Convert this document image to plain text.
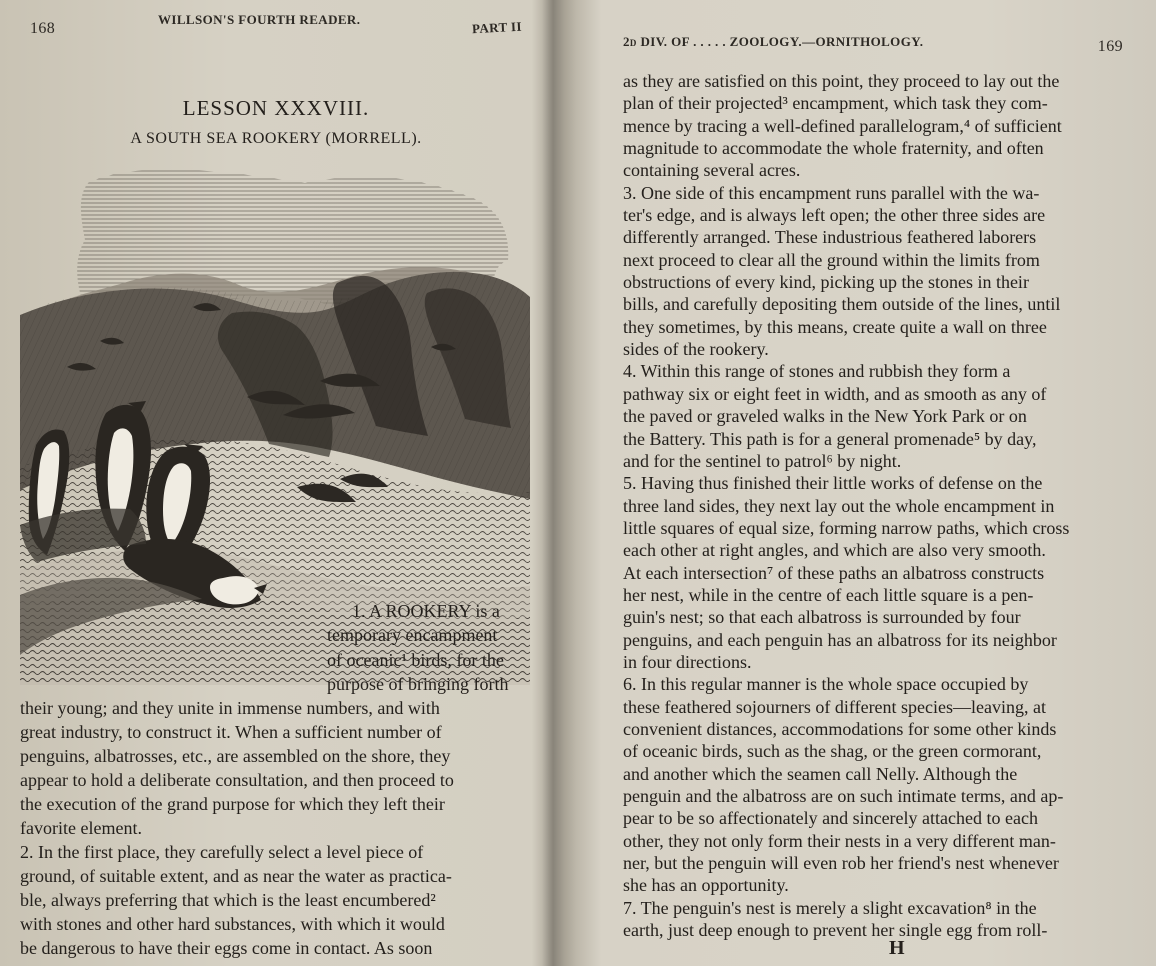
168
WILLSON'S FOURTH READER.	PART II
LESSON XXXVIII.
A SOUTH SEA ROOKERY (MORRELL).

1. A ROOKERY is a

temporary encampment

of oceanic¹ birds, for the

purpose of bringing forth

their young; and they unite in immense numbers, and with

great industry, to construct it. When a sufficient number of

penguins, albatrosses, etc., are assembled on the shore, they

appear to hold a deliberate consultation, and then proceed to

the execution of the grand purpose for which they left their

favorite element.

2. In the first place, they carefully select a level piece of

ground, of suitable extent, and as near the water as practica-

ble, always preferring that which is the least encumbered²

with stones and other hard substances, with which it would

be dangerous to have their eggs come in contact. As soon

2d DIV. OF . . . . . ZOOLOGY.—ORNITHOLOGY.	169
as they are satisfied on this point, they proceed to lay out the
plan of their projected³ encampment, which task they com-
mence by tracing a well-defined parallelogram,⁴ of sufficient
magnitude to accommodate the whole fraternity, and often
containing several acres.
3. One side of this encampment runs parallel with the wa-
ter's edge, and is always left open; the other three sides are
differently arranged. These industrious feathered laborers
next proceed to clear all the ground within the limits from
obstructions of every kind, picking up the stones in their
bills, and carefully depositing them outside of the lines, until
they sometimes, by this means, create quite a wall on three
sides of the rookery.
4. Within this range of stones and rubbish they form a
pathway six or eight feet in width, and as smooth as any of
the paved or graveled walks in the New York Park or on
the Battery. This path is for a general promenade⁵ by day,
and for the sentinel to patrol⁶ by night.
5. Having thus finished their little works of defense on the
three land sides, they next lay out the whole encampment in
little squares of equal size, forming narrow paths, which cross
each other at right angles, and which are also very smooth.
At each intersection⁷ of these paths an albatross constructs
her nest, while in the centre of each little square is a pen-
guin's nest; so that each albatross is surrounded by four
penguins, and each penguin has an albatross for its neighbor
in four directions.
6. In this regular manner is the whole space occupied by
these feathered sojourners of different species—leaving, at
convenient distances, accommodations for some other kinds
of oceanic birds, such as the shag, or the green cormorant,
and another which the seamen call Nelly. Although the
penguin and the albatross are on such intimate terms, and ap-
pear to be so affectionately and sincerely attached to each
other, they not only form their nests in a very different man-
ner, but the penguin will even rob her friend's nest whenever
she has an opportunity.
7. The penguin's nest is merely a slight excavation⁸ in the
earth, just deep enough to prevent her single egg from roll-
H
